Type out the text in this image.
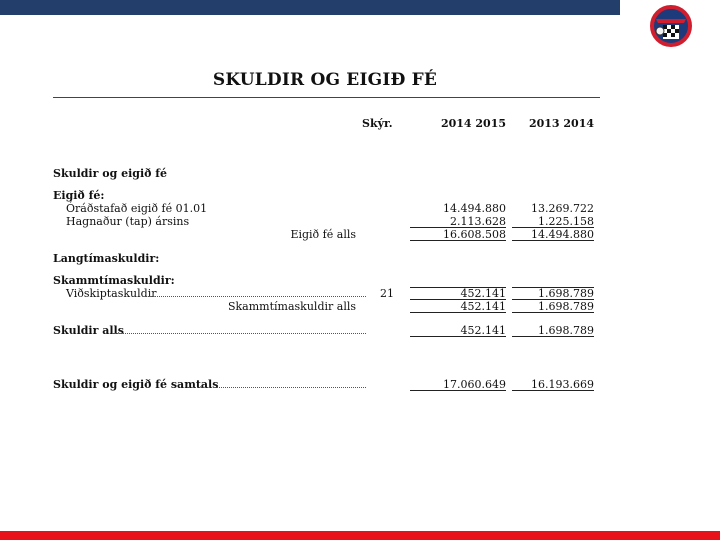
SKULDIR OG EIGIÐ FÉ
Skýr.	2014 2015	2013 2014
Skuldir og eigið fé
Eigið fé:
Óráðstafað eigið fé 01.01	14.494.880	13.269.722
Hagnaður (tap) ársins	2.113.628	1.225.158
Eigið fé alls	16.608.508	14.494.880
Langtímaskuldir:
Skammtímaskuldir:
Viðskiptaskuldir	21	452.141	1.698.789
Skammtímaskuldir alls	452.141	1.698.789
Skuldir alls	452.141	1.698.789
Skuldir og eigið fé samtals	17.060.649	16.193.669
